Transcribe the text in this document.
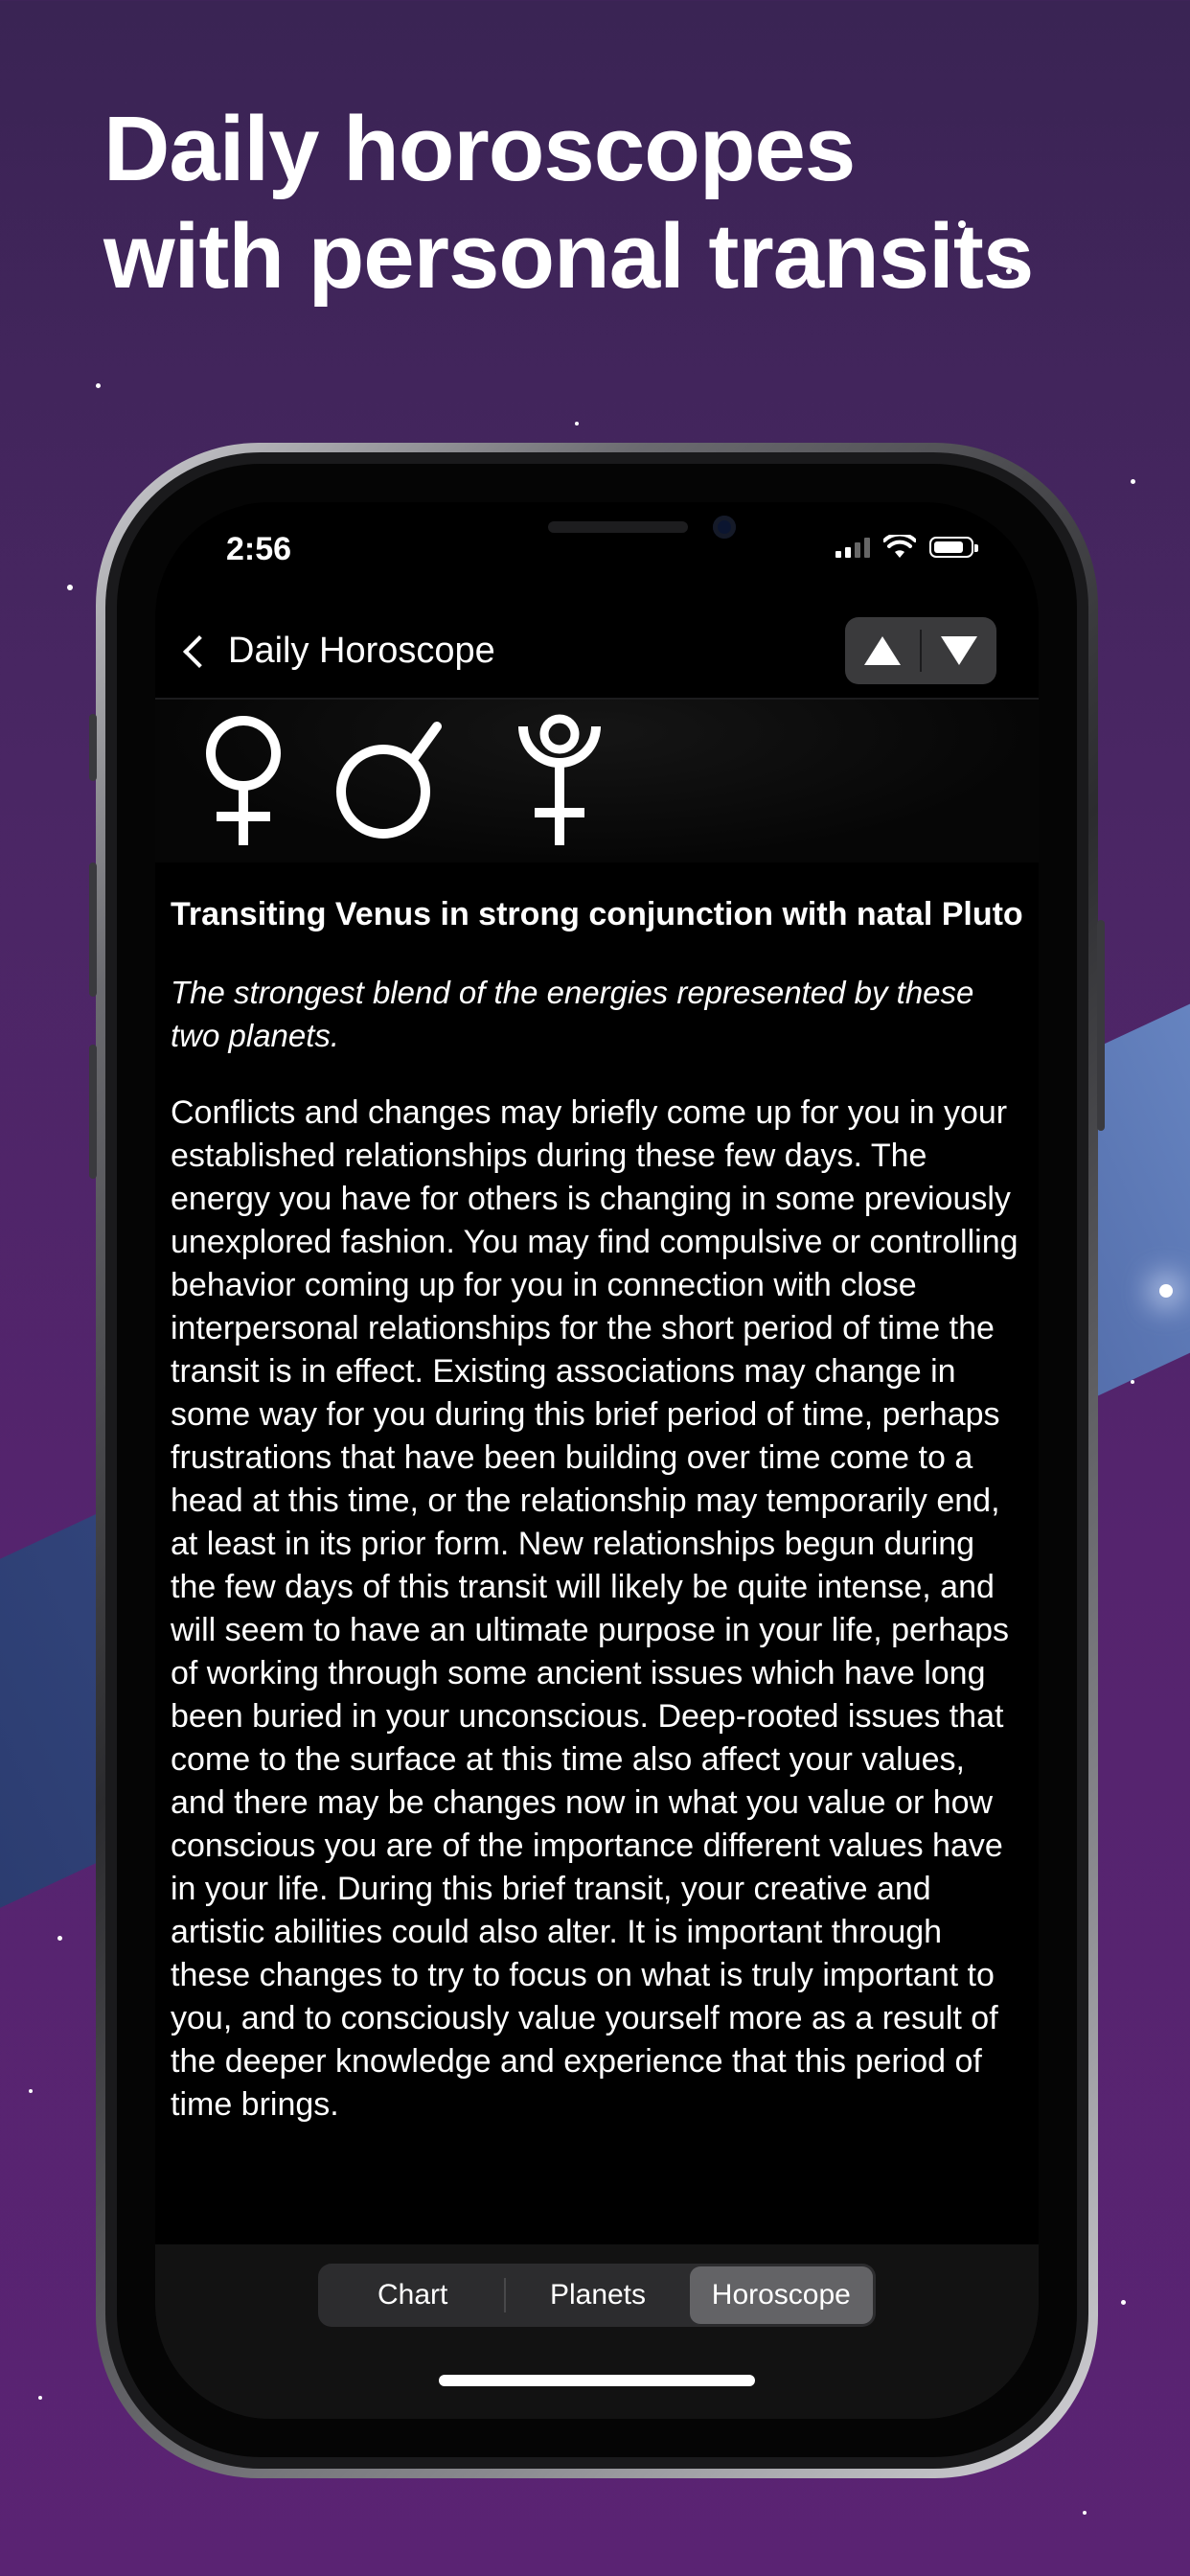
Daily horoscopes
with personal transits
2:56
Daily Horoscope

Transiting Venus in strong conjunction with natal Pluto

The strongest blend of the energies represented by these two planets.

Conflicts and changes may briefly come up for you in your established relationships during these few days. The energy you have for others is changing in some previously unexplored fashion. You may find compulsive or controlling behavior coming up for you in connection with close interpersonal relationships for the short period of time the transit is in effect. Existing associations may change in some way for you during this brief period of time, perhaps frustrations that have been building over time come to a head at this time, or the relationship may temporarily end, at least in its prior form. New relationships begun during the few days of this transit will likely be quite intense, and will seem to have an ultimate purpose in your life, perhaps of working through some ancient issues which have long been buried in your unconscious. Deep-rooted issues that come to the surface at this time also affect your values, and there may be changes now in what you value or how conscious you are of the importance different values have in your life. During this brief transit, your creative and artistic abilities could also alter. It is important through these changes to try to focus on what is truly important to you, and to consciously value yourself more as a result of the deeper knowledge and experience that this period of time brings.

Chart	Planets	Horoscope
